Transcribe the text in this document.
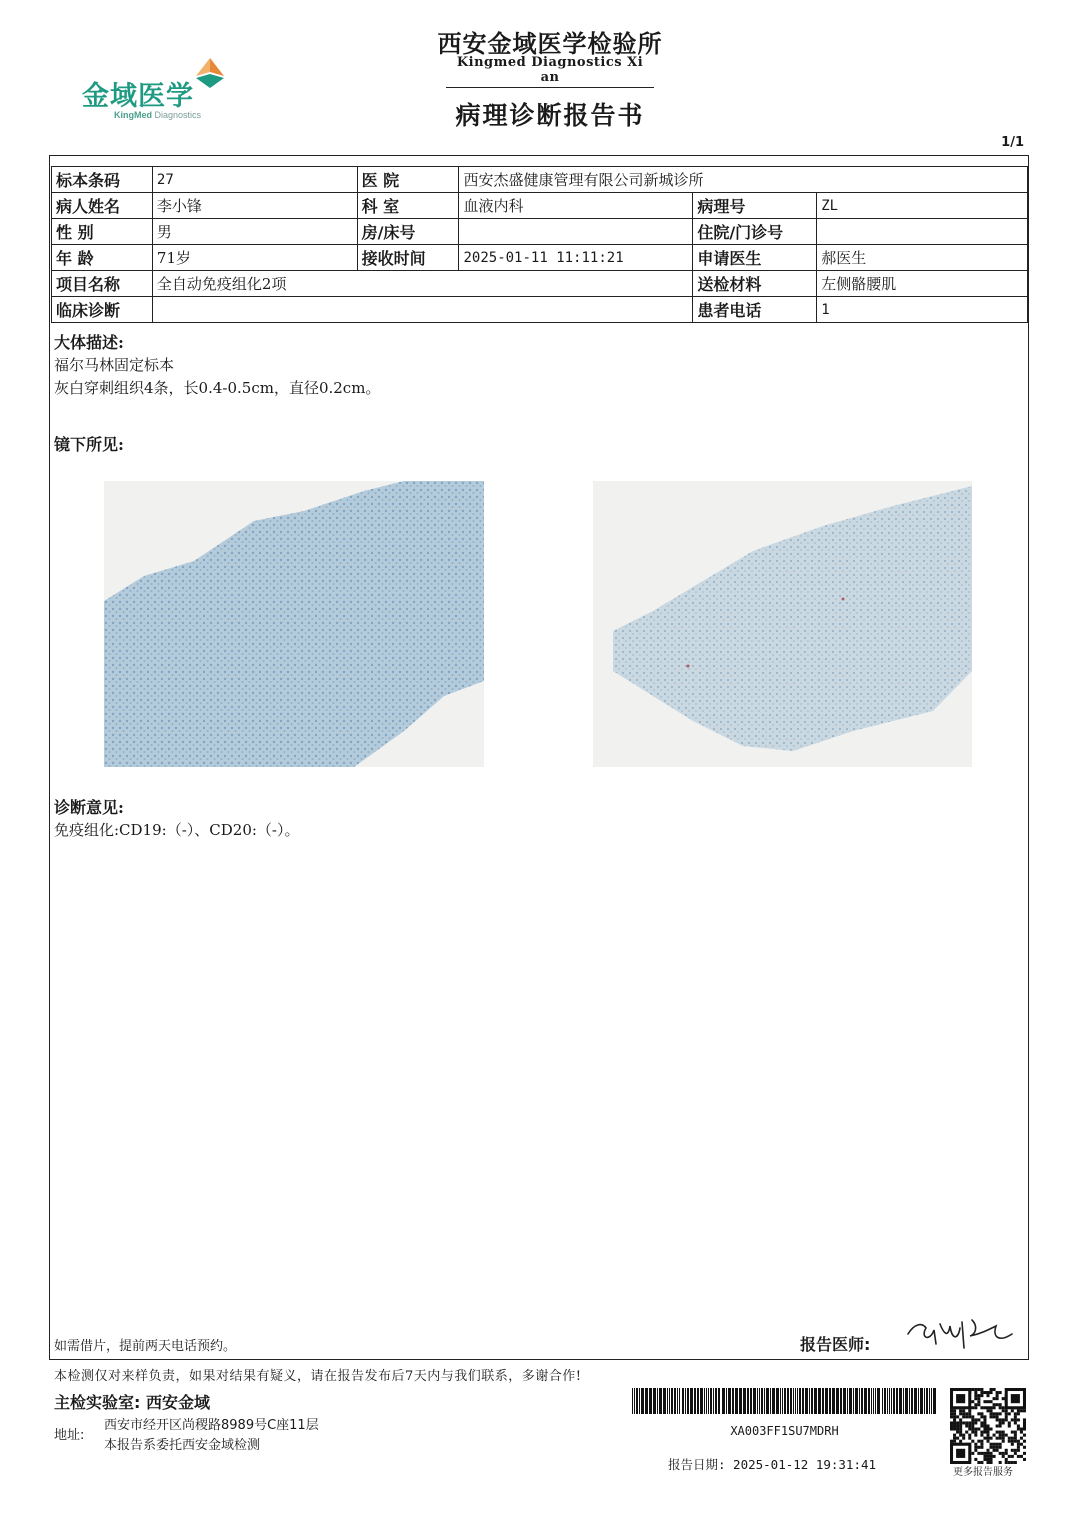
金域医学
KingMed Diagnostics
西安金域医学检验所
Kingmed Diagnostics Xi an
病理诊断报告书
1/1
标本条码	27	医 院	西安杰盛健康管理有限公司新城诊所		
病人姓名	李小锋	科 室	血液内科	病理号	ZL
性 别	男	房/床号		住院/门诊号	
年 龄	71岁	接收时间	2025-01-11 11:11:21	申请医生	郝医生
项目名称	全自动免疫组化2项			送检材料	左侧骼腰肌
临床诊断				患者电话	1
大体描述:
福尔马林固定标本
灰白穿刺组织4条，长0.4-0.5cm，直径0.2cm。
镜下所见:
诊断意见:
免疫组化:CD19:（-）、CD20:（-）。
如需借片，提前两天电话预约。	报告医师:
本检测仅对来样负责，如果对结果有疑义，请在报告发布后7天内与我们联系，多谢合作!
主检实验室: 西安金域
地址:
西安市经开区尚稷路8989号C座11层
本报告系委托西安金域检测
XA003FF1SU7MDRH
报告日期: 2025-01-12 19:31:41
更多报告服务
